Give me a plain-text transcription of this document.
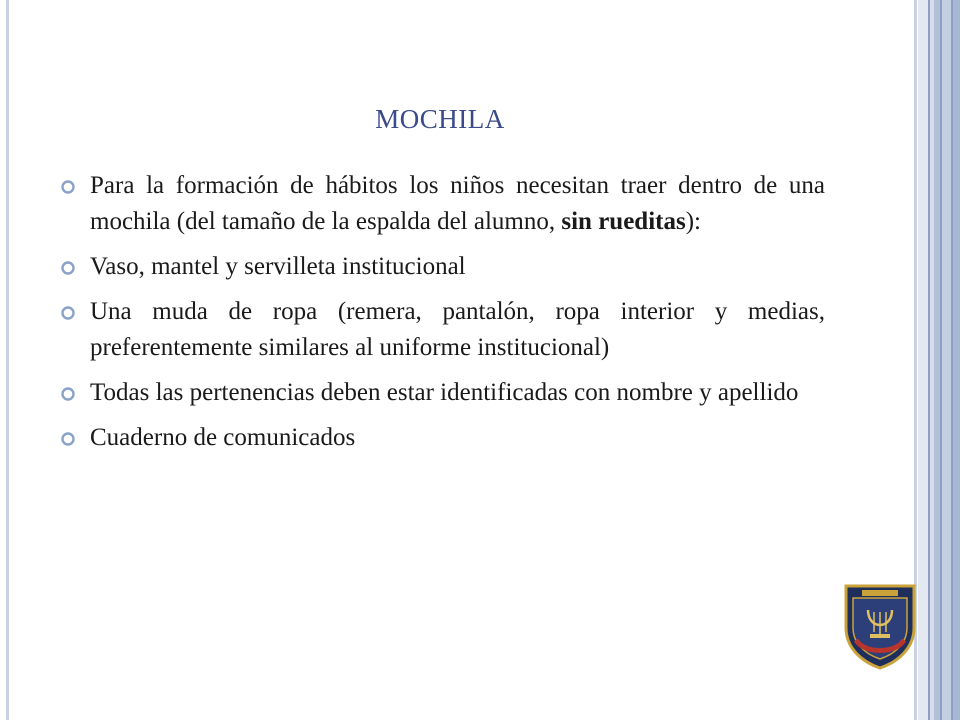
MOCHILA
Para la formación de hábitos los niños necesitan traer dentro de una mochila (del tamaño de la espalda del alumno, sin rueditas):
Vaso, mantel y servilleta institucional
Una muda de ropa (remera, pantalón, ropa interior y medias, preferentemente similares al uniforme institucional)
Todas las pertenencias deben estar identificadas con nombre y apellido
Cuaderno de comunicados
